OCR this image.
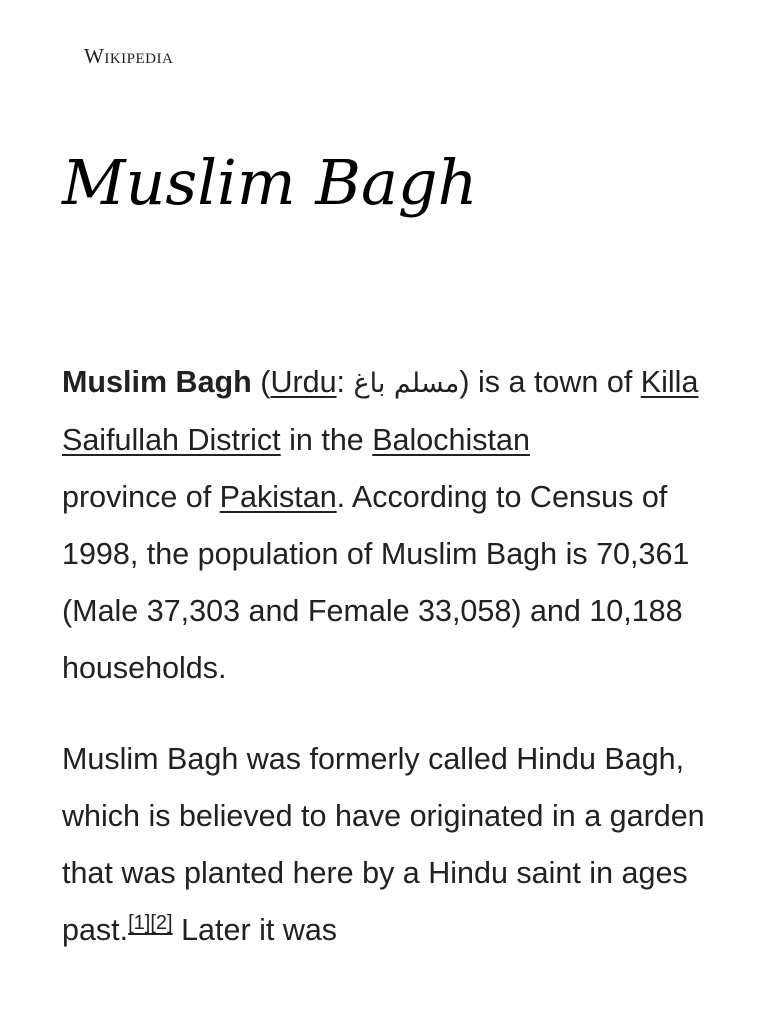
Wikipedia
Muslim Bagh

Muslim Bagh (Urdu: مسلم باغ) is a town of Killa Saifullah District in the Balochistan
province of Pakistan. According to Census of 1998, the population of Muslim Bagh is 70,361 (Male 37,303 and Female 33,058) and 10,188 households.

Muslim Bagh was formerly called Hindu Bagh, which is believed to have originated in a garden that was planted here by a Hindu saint in ages past.[1][2] Later it was
